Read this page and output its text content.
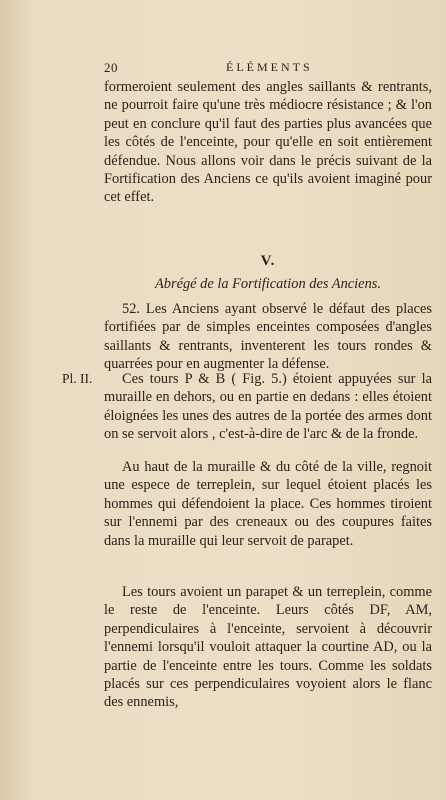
20	ÉLÉMENTS
formeroient seulement des angles saillants & rentrants, ne pourroit faire qu'une très médiocre résistance ; & l'on peut en conclure qu'il faut des parties plus avancées que les côtés de l'enceinte, pour qu'elle en soit entièrement défendue. Nous allons voir dans le précis suivant de la Fortification des Anciens ce qu'ils avoient imaginé pour cet effet.
V.
Abrégé de la Fortification des Anciens.
52. Les Anciens ayant observé le défaut des places fortifiées par de simples enceintes composées d'angles saillants & rentrants, inventerent les tours rondes & quarrées pour en augmenter la défense.
Pl. II.	Ces tours P & B ( Fig. 5.) étoient appuyées sur la muraille en dehors, ou en partie en dedans : elles étoient éloignées les unes des autres de la portée des armes dont on se servoit alors , c'est-à-dire de l'arc & de la fronde.
Au haut de la muraille & du côté de la ville, regnoit une espece de terreplein, sur lequel étoient placés les hommes qui défendoient la place. Ces hommes tiroient sur l'ennemi par des creneaux ou des coupures faites dans la muraille qui leur servoit de parapet.
Les tours avoient un parapet & un terreplein, comme le reste de l'enceinte. Leurs côtés DF, AM, perpendiculaires à l'enceinte, servoient à découvrir l'ennemi lorsqu'il vouloit attaquer la courtine AD, ou la partie de l'enceinte entre les tours. Comme les soldats placés sur ces perpendiculaires voyoient alors le flanc des ennemis,
